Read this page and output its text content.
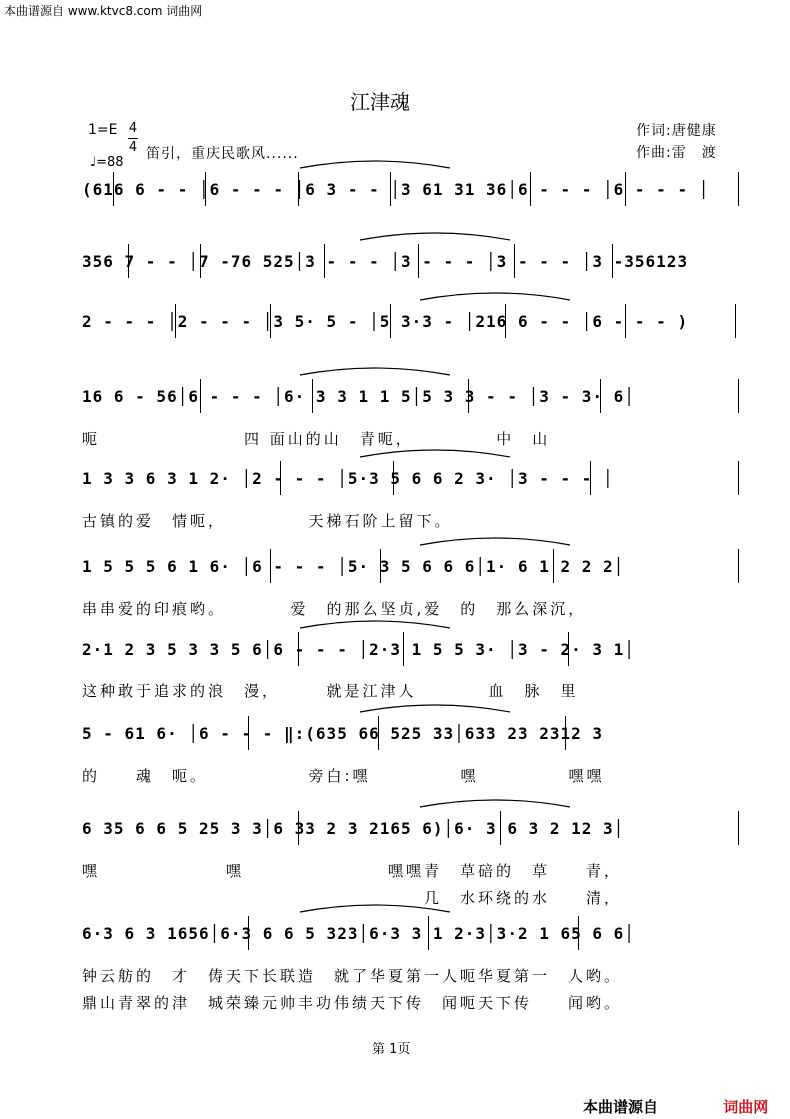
本曲谱源自 www.ktvc8.com 词曲网
江津魂
1=E 4
4
♩=88
笛引，重庆民歌风......
作词:唐健康
作曲:雷　渡
(616 6 - - │6 - - - │6 3 - - │3 61 31 36│6 - - - │6 - - - │
356 7 - - │7 -76 525│3 - - - │3 - - - │3 - - - │3 -356123
2 - - - │2 - - - │3 5· 5 - │5 3·3 - │216 6 - - │6 - - - )
16 6 - 56│6 - - - │6· 3 3 1 1 5│5 3 3 - - │3 - 3· 6│
呃　　　　　　　　四 面山的山　青呃，　　　　　中　山
1 3 3 6 3 1 2· │2 - - - │5·3 5 6 6 2 3· │3 - - - │
古镇的爱　情呃，　　　　　天梯石阶上留下。
1 5 5 5 6 1 6· │6 - - - │5· 3 5 6 6 6│1· 6 1 2 2 2│
串串爱的印痕哟。　　　　爱　的那么坚贞,爱　的　那么深沉，
2·1 2 3 5 3 3 5 6│6 - - - │2·3 1 5 5 3· │3 - 2· 3 1│
这种敢于追求的浪　漫，　　　就是江津人　　　　血　脉　里
5 - 61 6· │6 - - - ‖:(635 66 525 33│633 23 2312 3
的　　魂　呃。　　　　　　旁白:嘿　　　　　嘿　　　　　嘿嘿
6 35 6 6 5 25 3 3│6 33 2 3 2165 6)│6· 3 6 3 2 12 3│
嘿　　　　　　　嘿　　　　　　　　嘿嘿青　草碚的　草　　青，
　　　　　　　　　　　　　　　　　　　几　水环绕的水　　清，
6·3 6 3 1656│6·3 6 6 5 323│6·3 3 1 2·3│3·2 1 65 6 6│
钟云舫的　才　俦天下长联造　就了华夏第一人呃华夏第一　人哟。
鼎山青翠的津　城荣臻元帅丰功伟绩天下传　闻呃天下传　　闻哟。
第 1页
本曲谱源自	词曲网
